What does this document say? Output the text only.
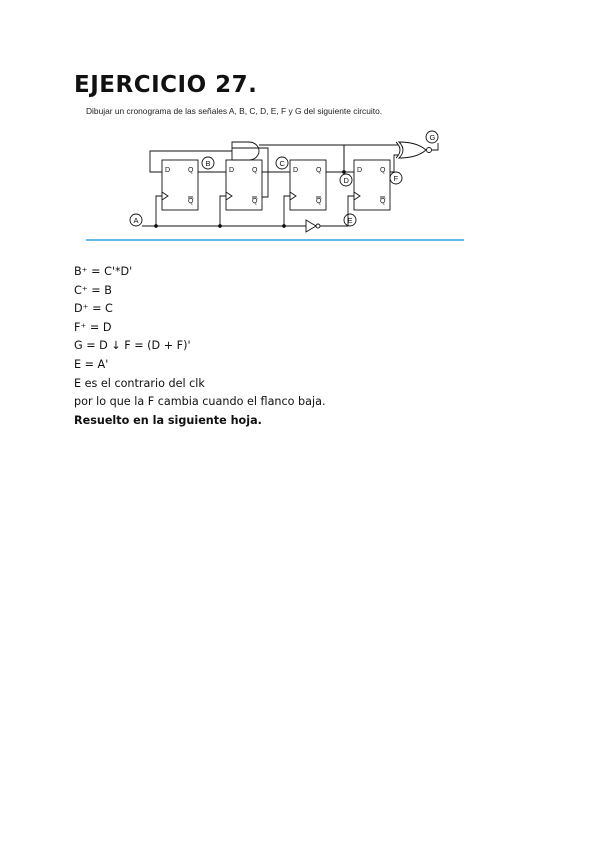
EJERCICIO 27.
Dibujar un cronograma de las señales A, B, C, D, E, F y G del siguiente circuito.
D	Q
Q
D	Q
Q
D	Q
Q
D	Q
Q
A
B	C
D
E
F
G
B⁺ = C'*D'
C⁺ = B
D⁺ = C
F⁺ = D
G = D ↓ F = (D + F)'
E = A'
E es el contrario del clk
por lo que la F cambia cuando el flanco baja.
Resuelto en la siguiente hoja.
